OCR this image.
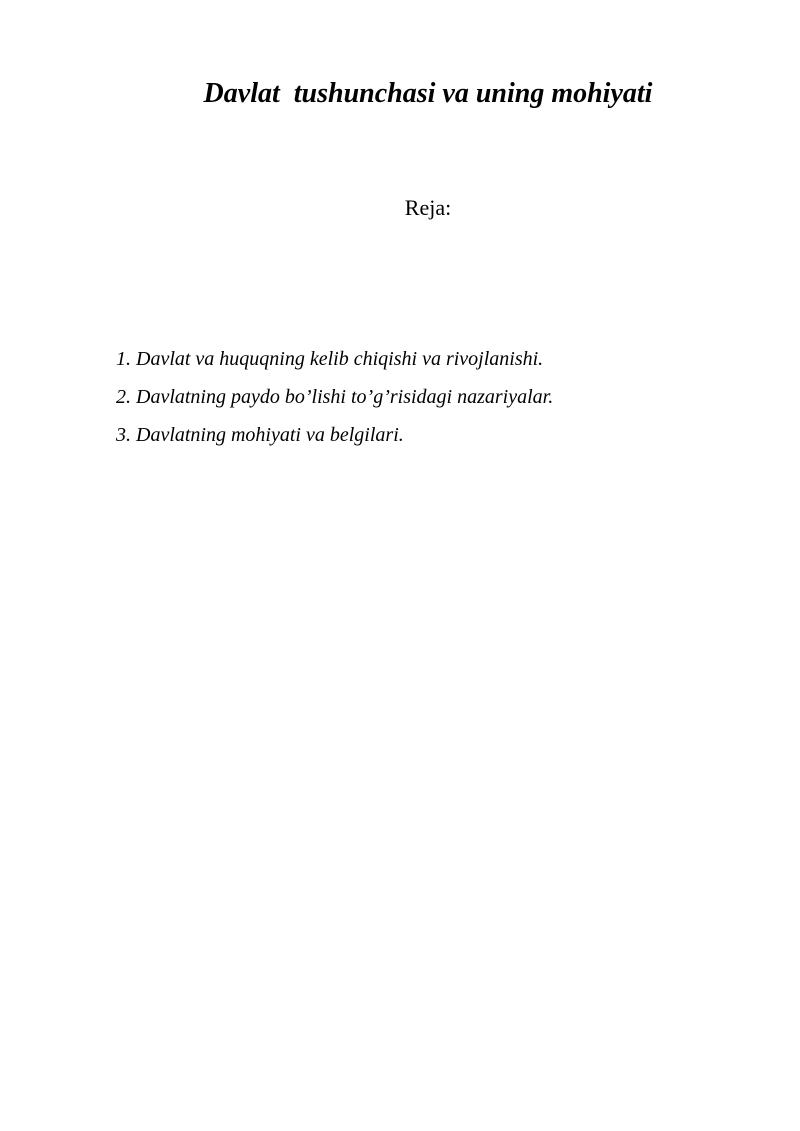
Davlat  tushunchasi va uning mohiyati
Reja:
1. Davlat va huquqning kelib chiqishi va rivojlanishi.
2. Davlatning paydo bo’lishi to’g’risidagi nazariyalar.
3. Davlatning mohiyati va belgilari.
